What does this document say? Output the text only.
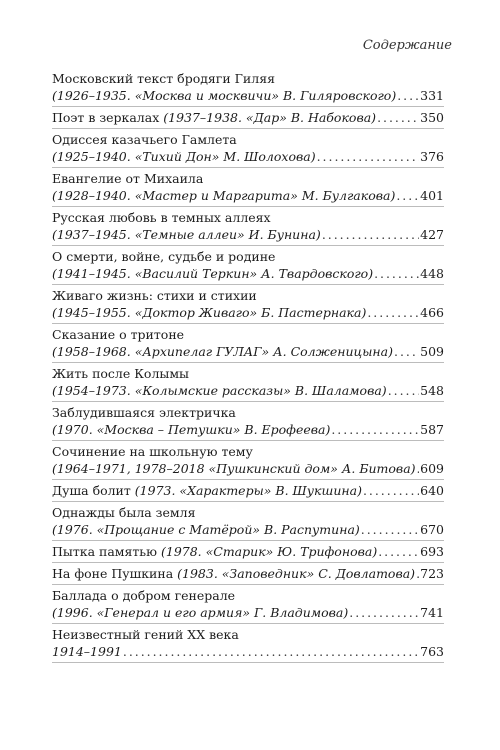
Содержание
Московский текст бродяги Гиляя
(1926–1935. «Москва и москвичи» В. Гиляровского) . . . 331
Поэт в зеркалах (1937–1938. «Дар» В. Набокова) . . .	350
Одиссея казачьего Гамлета
(1925–1940. «Тихий Дон» М. Шолохова) . . .	376
Евангелие от Михаила
(1928–1940. «Мастер и Маргарита» М. Булгакова) . . . 401
Русская любовь в темных аллеях
(1937–1945. «Темные аллеи» И. Бунина) . . .	427
О смерти, войне, судьбе и родине
(1941–1945. «Василий Теркин» А. Твардовского) . . .	448
Живаго жизнь: стихи и стихии
(1945–1955. «Доктор Живаго» Б. Пастернака) . . .	466
Сказание о тритоне
(1958–1968. «Архипелаг ГУЛАГ» А. Солженицына) . . . 509
Жить после Колымы
(1954–1973. «Колымские рассказы» В. Шаламова) . . .	548
Заблудившаяся электричка
(1970. «Москва – Петушки» В. Ерофеева) . . .	587
Сочинение на школьную тему
(1964–1971, 1978–2018 «Пушкинский дом» А. Битова) . . . 609
Душа болит (1973. «Характеры» В. Шукшина) . . .	640
Однажды была земля
(1976. «Прощание с Матёрой» В. Распутина) . . .	670
Пытка памятью (1978. «Старик» Ю. Трифонова) . . .	693
На фоне Пушкина (1983. «Заповедник» С. Довлатова) . . . 723
Баллада о добром генерале
(1996. «Генерал и его армия» Г. Владимова) . . .	741
Неизвестный гений XX века
1914–1991 . . .	763
